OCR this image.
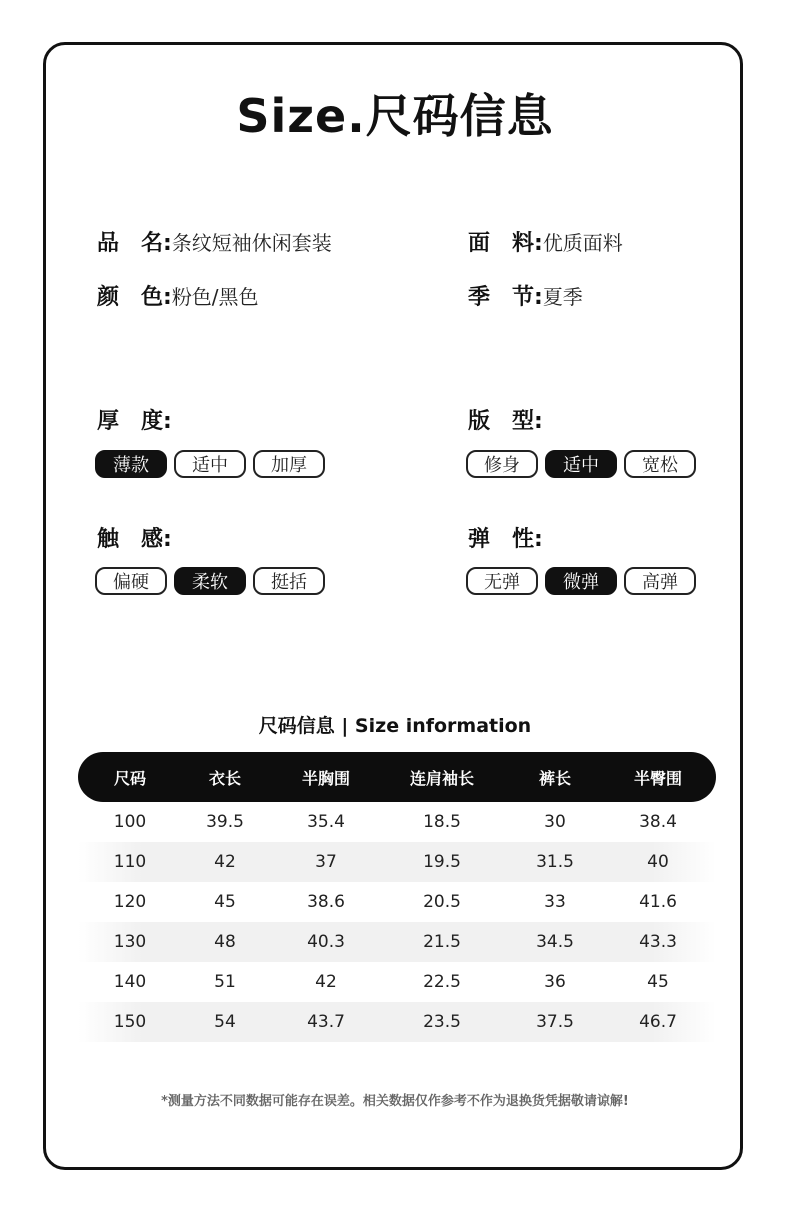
Size.尺码信息
品　名:条纹短袖休闲套装	面　料:优质面料
颜　色:粉色/黑色	季　节:夏季
厚　度:
薄款	适中	加厚
版　型:
修身	适中	宽松
触　感:
偏硬	柔软	挺括
弹　性:
无弹	微弹	高弹
尺码信息 | Size information
尺码	衣长	半胸围	连肩袖长	裤长	半臀围
100	39.5	35.4	18.5	30	38.4
110	42	37	19.5	31.5	40
120	45	38.6	20.5	33	41.6
130	48	40.3	21.5	34.5	43.3
140	51	42	22.5	36	45
150	54	43.7	23.5	37.5	46.7
*测量方法不同数据可能存在误差。相关数据仅作参考不作为退换货凭据敬请谅解!
